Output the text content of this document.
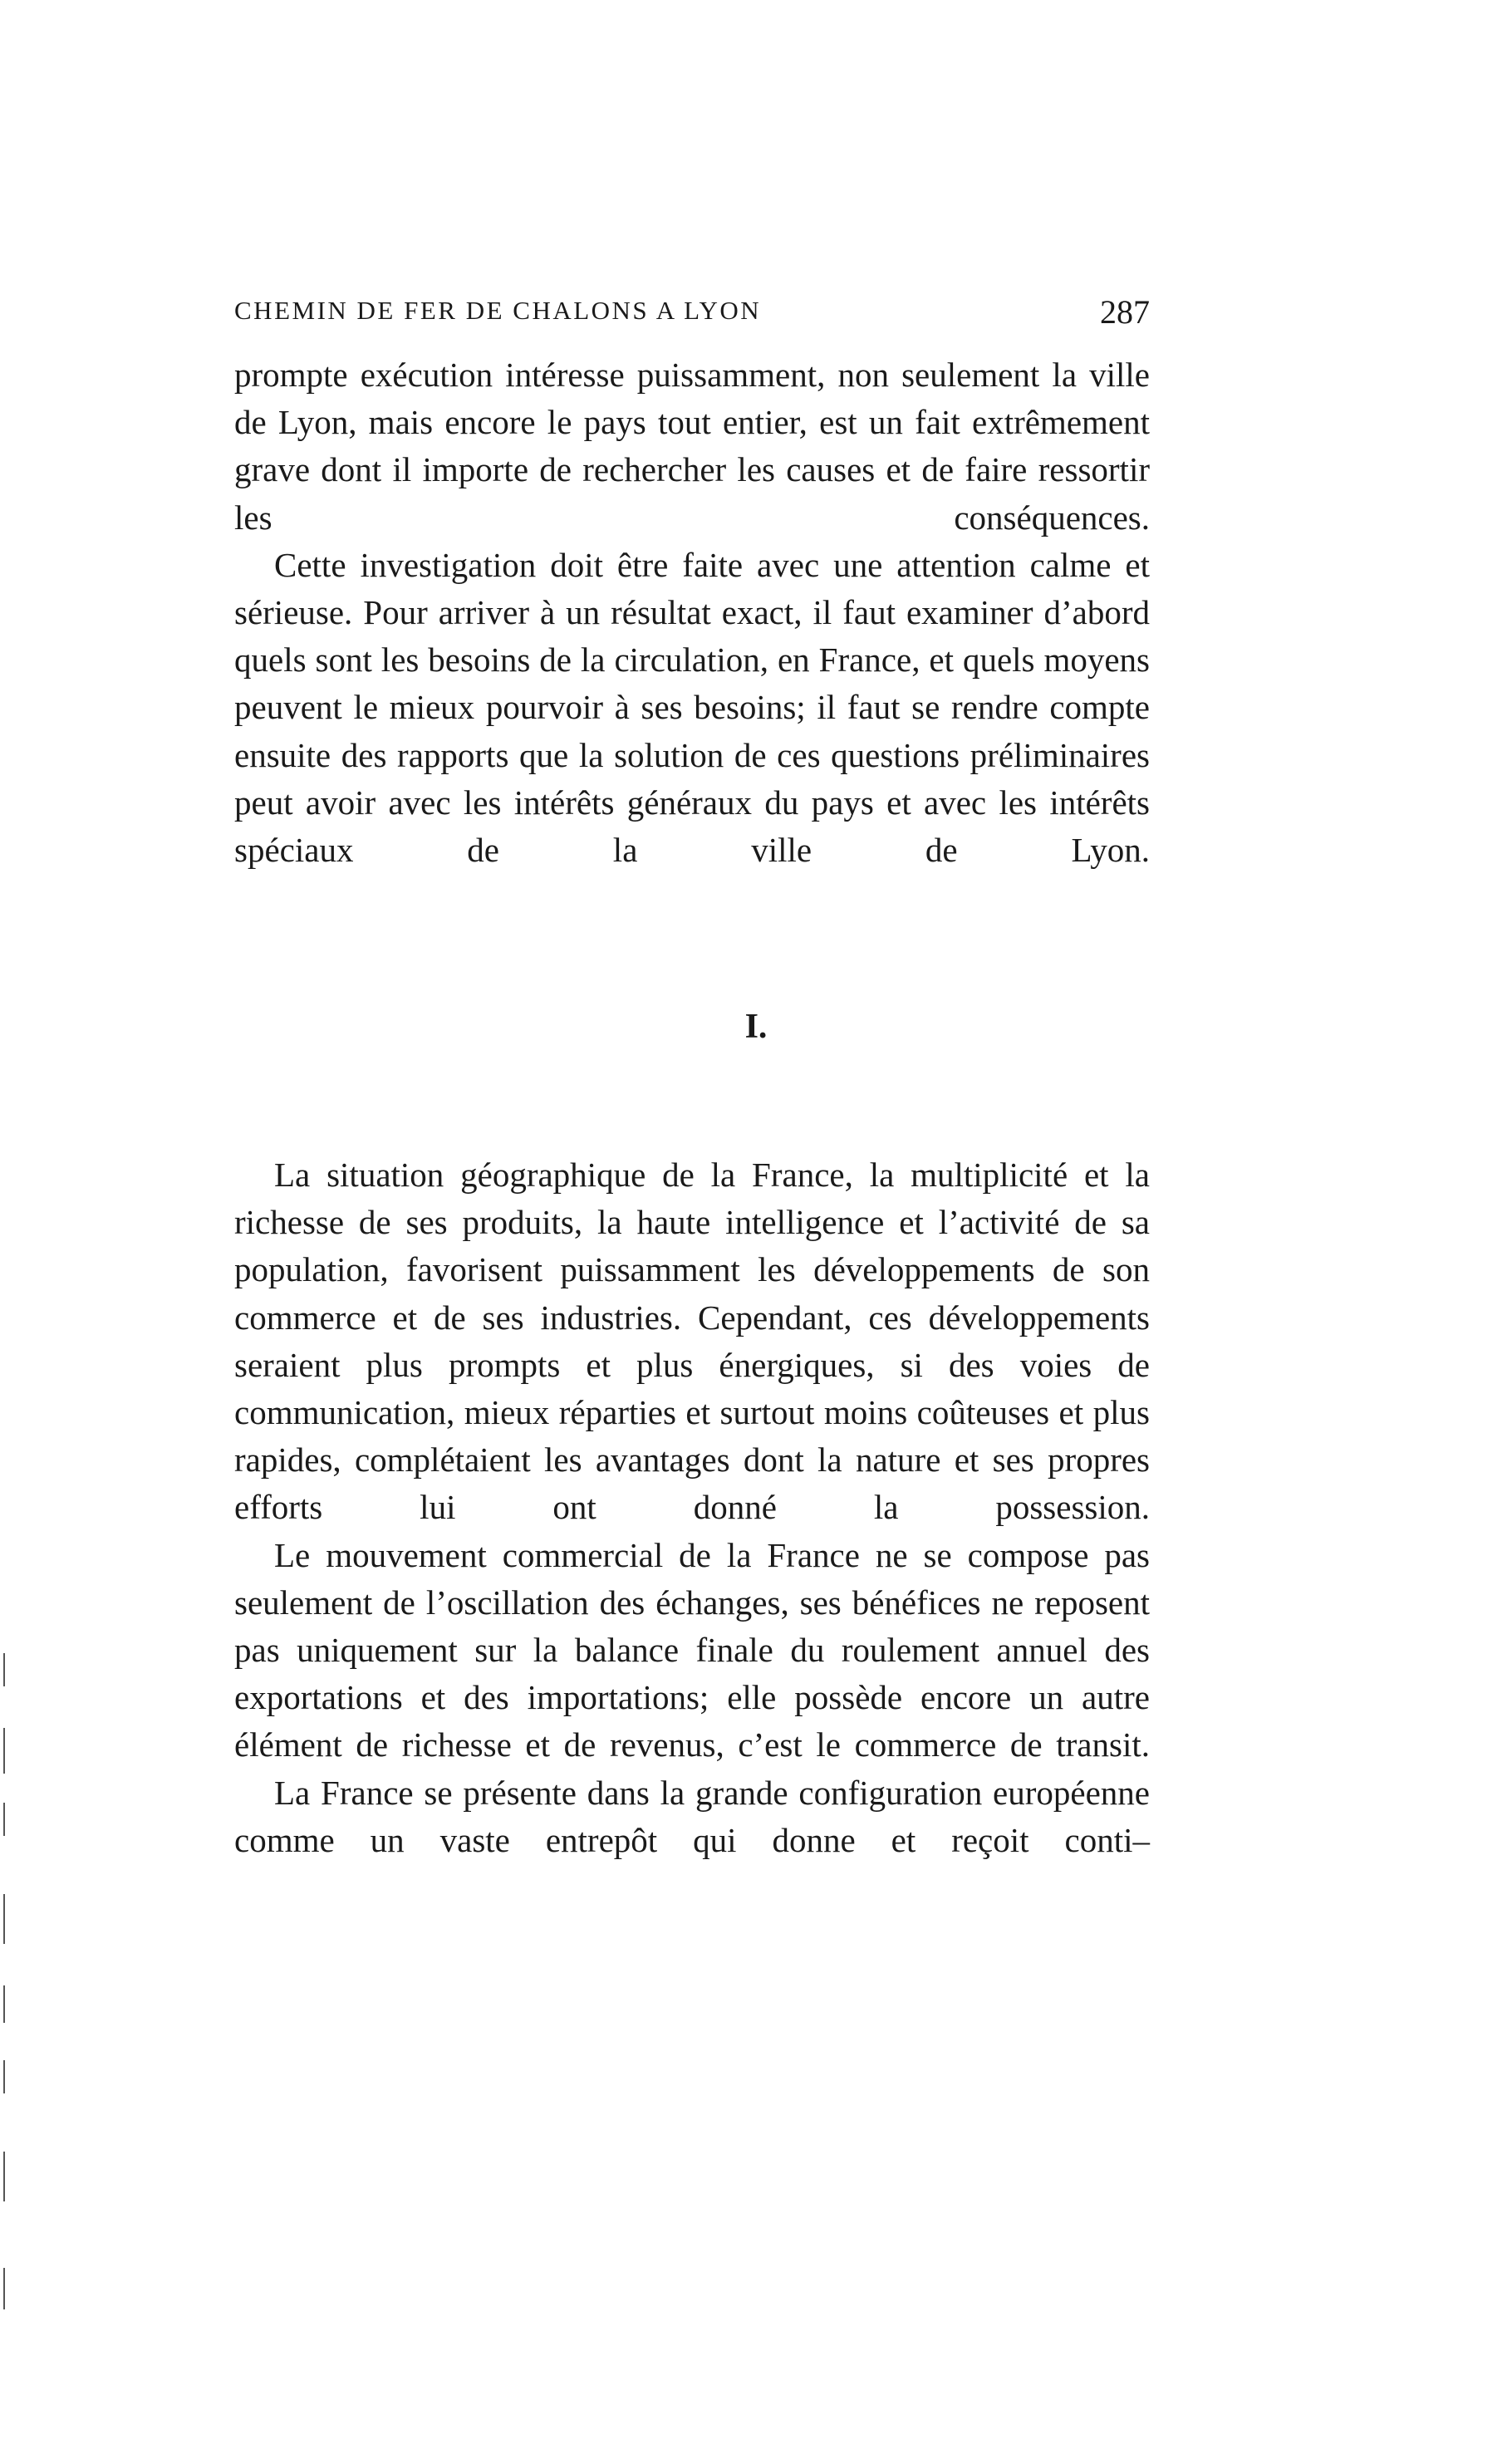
CHEMIN DE FER DE CHALONS A LYON	287

prompte exécution intéresse puissamment, non seulement la ville de Lyon, mais encore le pays tout entier, est un fait extrêmement grave dont il importe de rechercher les causes et de faire ressortir les conséquences.

Cette investigation doit être faite avec une attention calme et sérieuse. Pour arriver à un résultat exact, il faut examiner d’abord quels sont les besoins de la circulation, en France, et quels moyens peuvent le mieux pourvoir à ses besoins; il faut se rendre compte ensuite des rapports que la solution de ces questions préliminaires peut avoir avec les intérêts généraux du pays et avec les intérêts spéciaux de la ville de Lyon.

I.

La situation géographique de la France, la multiplicité et la richesse de ses produits, la haute intelligence et l’activité de sa population, favorisent puissamment les développements de son commerce et de ses industries. Cependant, ces développements seraient plus prompts et plus énergiques, si des voies de communication, mieux réparties et surtout moins coûteuses et plus rapides, complétaient les avantages dont la nature et ses propres efforts lui ont donné la possession.

Le mouvement commercial de la France ne se compose pas seulement de l’oscillation des échanges, ses bénéfices ne reposent pas uniquement sur la balance finale du roulement annuel des exportations et des importations; elle possède encore un autre élément de richesse et de revenus, c’est le commerce de transit.

La France se présente dans la grande configuration européenne comme un vaste entrepôt qui donne et reçoit conti–
